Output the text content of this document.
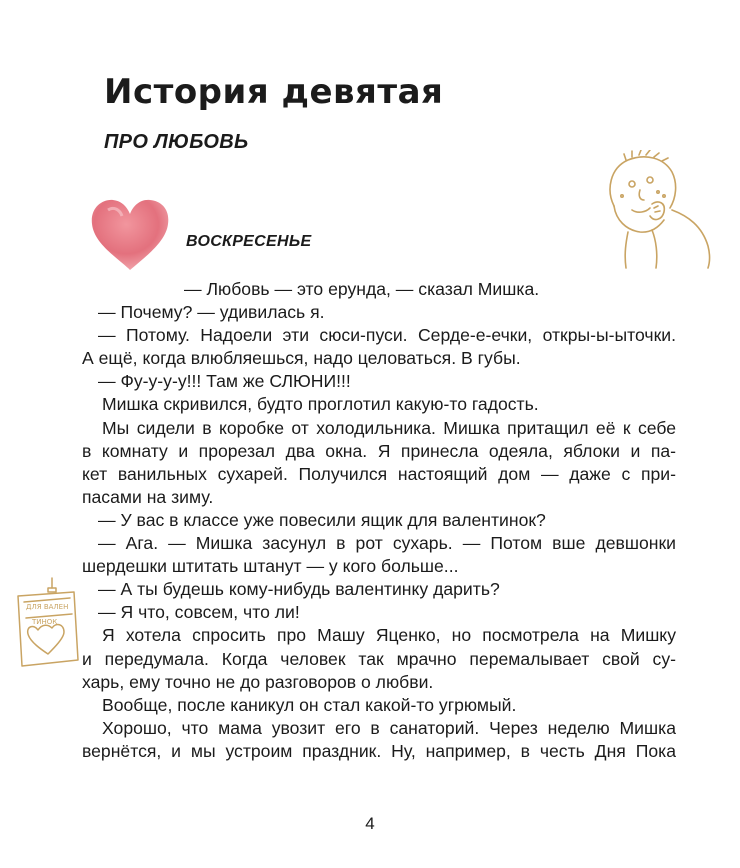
История девятая
ПРО ЛЮБОВЬ
ВОСКРЕСЕНЬЕ
ДЛЯ ВАЛЕН
ТИНОК
— Любовь — это ерунда, — сказал Мишка.
— Почему? — удивилась я.
— Потому. Надоели эти сюси-пуси. Серде-е-ечки, откры-ы-ыточки.
А ещё, когда влюбляешься, надо целоваться. В губы.
— Фу-у-у-у!!! Там же СЛЮНИ!!!
Мишка скривился, будто проглотил какую-то гадость.
Мы сидели в коробке от холодильника. Мишка притащил её к себе
в комнату и прорезал два окна. Я принесла одеяла, яблоки и па-
кет ванильных сухарей. Получился настоящий дом — даже с при-
пасами на зиму.
— У вас в классе уже повесили ящик для валентинок?
— Ага. — Мишка засунул в рот сухарь. — Потом вше девшонки
шердешки штитать штанут — у кого больше...
— А ты будешь кому-нибудь валентинку дарить?
— Я что, совсем, что ли!
Я хотела спросить про Машу Яценко, но посмотрела на Мишку
и передумала. Когда человек так мрачно перемалывает свой су-
харь, ему точно не до разговоров о любви.
Вообще, после каникул он стал какой-то угрюмый.
Хорошо, что мама увозит его в санаторий. Через неделю Мишка
вернётся, и мы устроим праздник. Ну, например, в честь Дня Пока
4
